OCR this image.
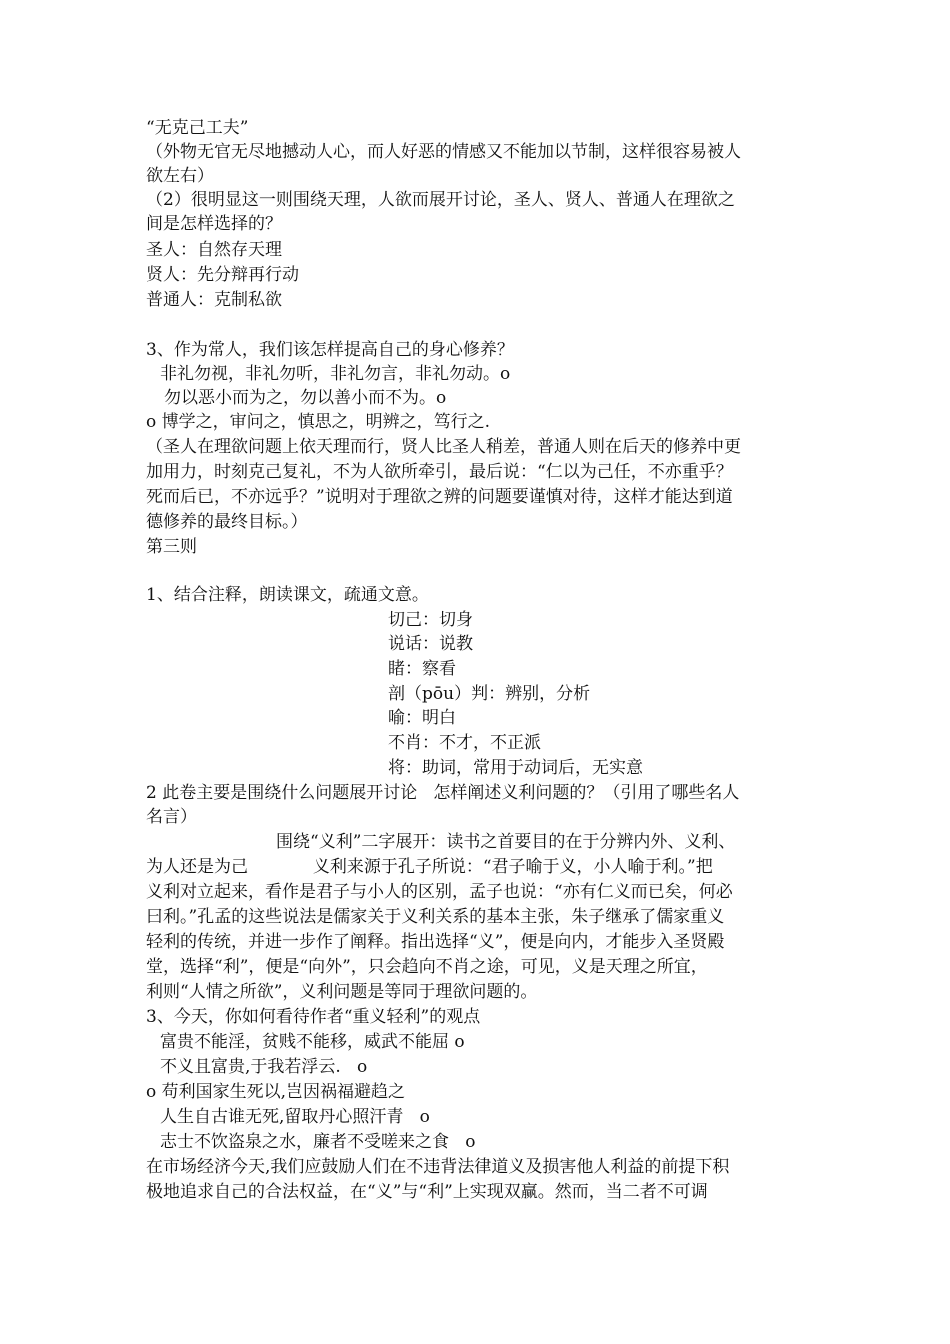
“无克己工夫”
（外物无官无尽地撼动人心，而人好恶的情感又不能加以节制，这样很容易被人
欲左右）
（2）很明显这一则围绕天理，人欲而展开讨论，圣人、贤人、普通人在理欲之
间是怎样选择的？
圣人：自然存天理
贤人：先分辩再行动
普通人：克制私欲
3、作为常人，我们该怎样提高自己的身心修养？
非礼勿视，非礼勿听，非礼勿言，非礼勿动。o
勿以恶小而为之，勿以善小而不为。o
o 博学之，审问之，慎思之，明辨之，笃行之.
（圣人在理欲问题上依天理而行，贤人比圣人稍差，普通人则在后天的修养中更
加用力，时刻克己复礼，不为人欲所牵引，最后说：“仁以为己任，不亦重乎？
死而后已，不亦远乎？”说明对于理欲之辨的问题要谨慎对待，这样才能达到道
德修养的最终目标。）
第三则
1、结合注释，朗读课文，疏通文意。
切己：切身
说话：说教
睹：察看
剖（pōu）判：辨别，分析
喻：明白
不肖：不才，不正派
将：助词，常用于动词后，无实意
2 此卷主要是围绕什么问题展开讨论   怎样阐述义利问题的？（引用了哪些名人
名言）
围绕“义利”二字展开：读书之首要目的在于分辨内外、义利、
为人还是为己            义利来源于孔子所说：“君子喻于义，小人喻于利。”把
义利对立起来，看作是君子与小人的区别，孟子也说：“亦有仁义而已矣，何必
曰利。”孔孟的这些说法是儒家关于义利关系的基本主张，朱子继承了儒家重义
轻利的传统，并进一步作了阐释。指出选择“义”，便是向内，才能步入圣贤殿
堂，选择“利”，便是“向外”，只会趋向不肖之途，可见，义是天理之所宜，
利则“人情之所欲”，义利问题是等同于理欲问题的。
3、今天，你如何看待作者“重义轻利”的观点
富贵不能淫，贫贱不能移，威武不能屈 o
不义且富贵,于我若浮云.   o
o 苟利国家生死以,岂因祸福避趋之
人生自古谁无死,留取丹心照汗青   o
志士不饮盗泉之水，廉者不受嗟来之食   o
在市场经济今天,我们应鼓励人们在不违背法律道义及损害他人利益的前提下积
极地追求自己的合法权益，在“义”与“利”上实现双赢。然而，当二者不可调
